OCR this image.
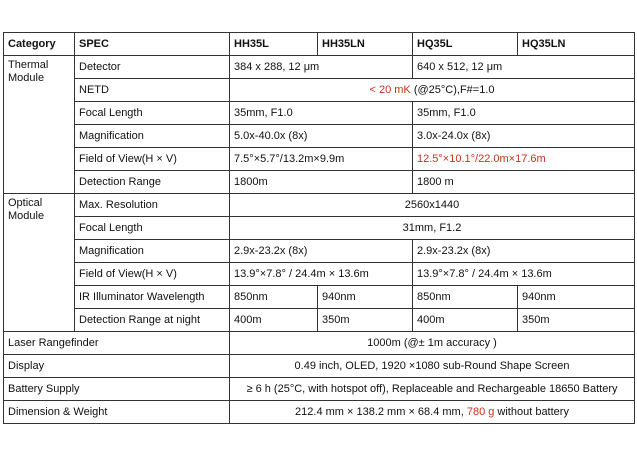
Category	SPEC	HH35L	HH35LN	HQ35L	HQ35LN
Thermal Module	Detector	384 x 288, 12 μm		640 x 512, 12 μm	
	NETD	< 20 mK (@25°C),F#=1.0			
	Focal Length	35mm, F1.0		35mm, F1.0	
	Magnification	5.0x-40.0x (8x)		3.0x-24.0x (8x)	
	Field of View(H × V)	7.5°×5.7°/13.2m×9.9m		12.5°×10.1°/22.0m×17.6m	
	Detection Range	1800m		1800 m	
Optical Module	Max. Resolution	2560x1440			
	Focal Length	31mm, F1.2			
	Magnification	2.9x-23.2x (8x)		2.9x-23.2x (8x)	
	Field of View(H × V)	13.9°×7.8° / 24.4m × 13.6m		13.9°×7.8° / 24.4m × 13.6m	
	IR Illuminator Wavelength	850nm	940nm	850nm	940nm
	Detection Range at night	400m	350m	400m	350m
Laser Rangefinder		1000m (@± 1m accuracy )			
Display		0.49 inch, OLED, 1920 ×1080 sub-Round Shape Screen			
Battery Supply		≥ 6 h (25°C, with hotspot off), Replaceable and Rechargeable 18650 Battery			
Dimension & Weight		212.4 mm × 138.2 mm × 68.4 mm, 780 g without battery			
